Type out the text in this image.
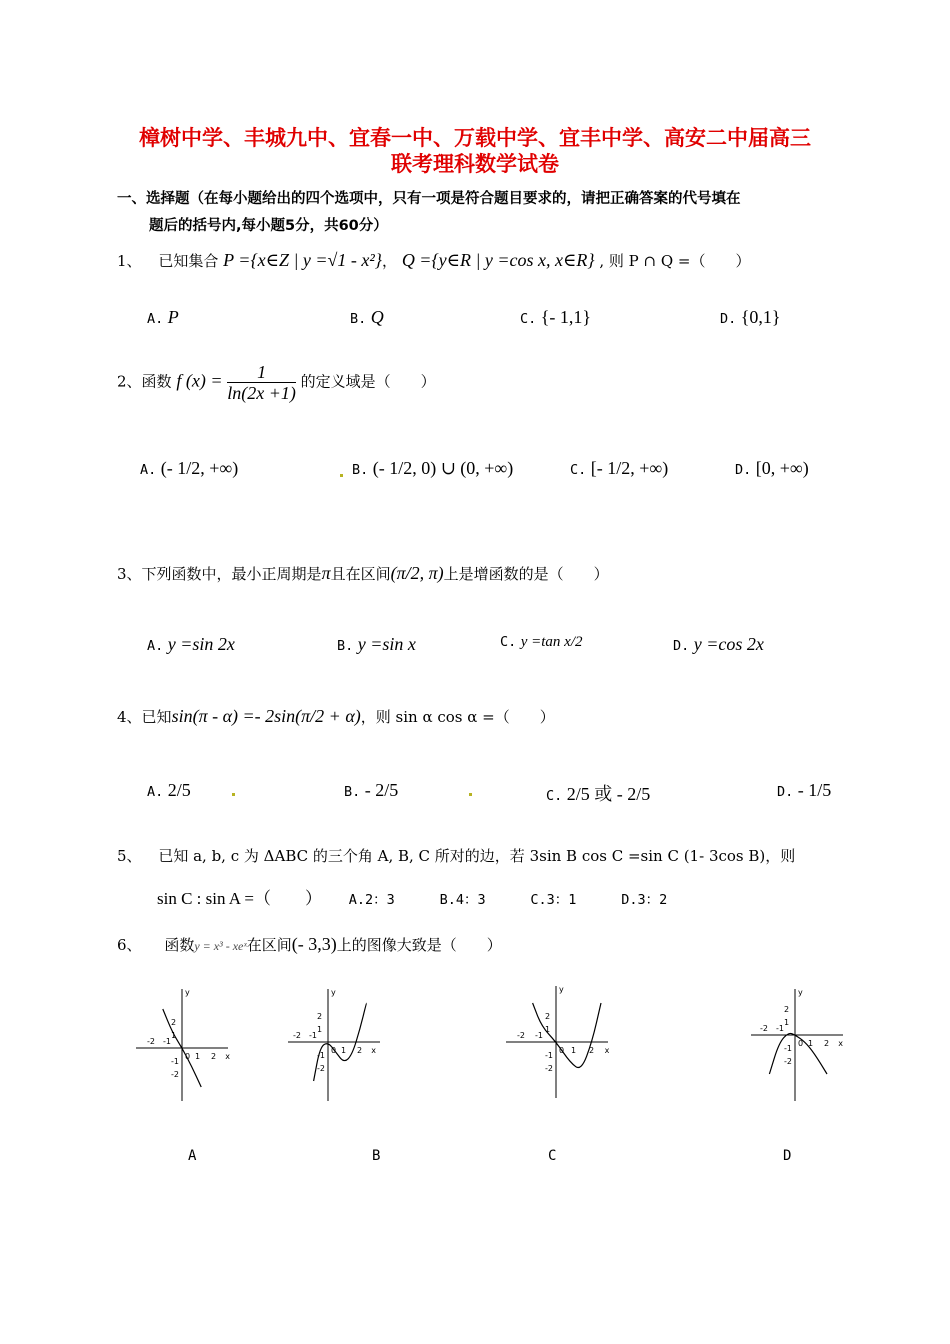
樟树中学、丰城九中、宜春一中、万载中学、宜丰中学、高安二中届高三
联考理科数学试卷
一、选择题（在每小题给出的四个选项中，只有一项是符合题目要求的，请把正确答案的代号填在
题后的括号内,每小题5分，共60分）
1、 已知集合 P ={x∈Z | y =√1 - x²}， Q ={y∈R | y =cos x, x∈R} , 则 P ∩ Q =（　　）
A. P	B. Q	C. {- 1,1}	D. {0,1}
2、函数 f $(x) = \frac{1}{\ln(2x +1)}$ 的定义域是（　　）
A. (- 1/2, +∞)	B. (- 1/2, 0) ∪ (0, +∞)	C. [- 1/2, +∞)	D. [0, +∞)
3、下列函数中，最小正周期是π且在区间(π/2, π)上是增函数的是（　　）
A. y =sin 2x	B. y =sin x	C. y =tan x/2	D. y =cos 2x
4、已知sin(π - α) =- 2sin(π/2 + α)，则 sin α cos α =（　　）
A. 2/5	B. - 2/5	C. 2/5 或 - 2/5	D. - 1/5
5、 已知 a, b, c 为 ΔABC 的三个角 A, B, C 所对的边，若 3sin B cos C =sin C (1- 3cos B)，则
sin C : sin A =（　　） A.2：3	B.4：3	C.3：1	D.3：2
6、 函数y = x³ - xeˣ在区间(- 3,3)上的图像大致是（　　）
-2 -1
0 1 2 x
2
1
-1
-2
y
-2 -1
0 1 2 x
2
1
-1
-2
y
-2 -1
0 1 2 x
2
1
-1
-2
y
-2 -1
0 1 2 x
2
1
-1
-2
y
A	B	C	D
